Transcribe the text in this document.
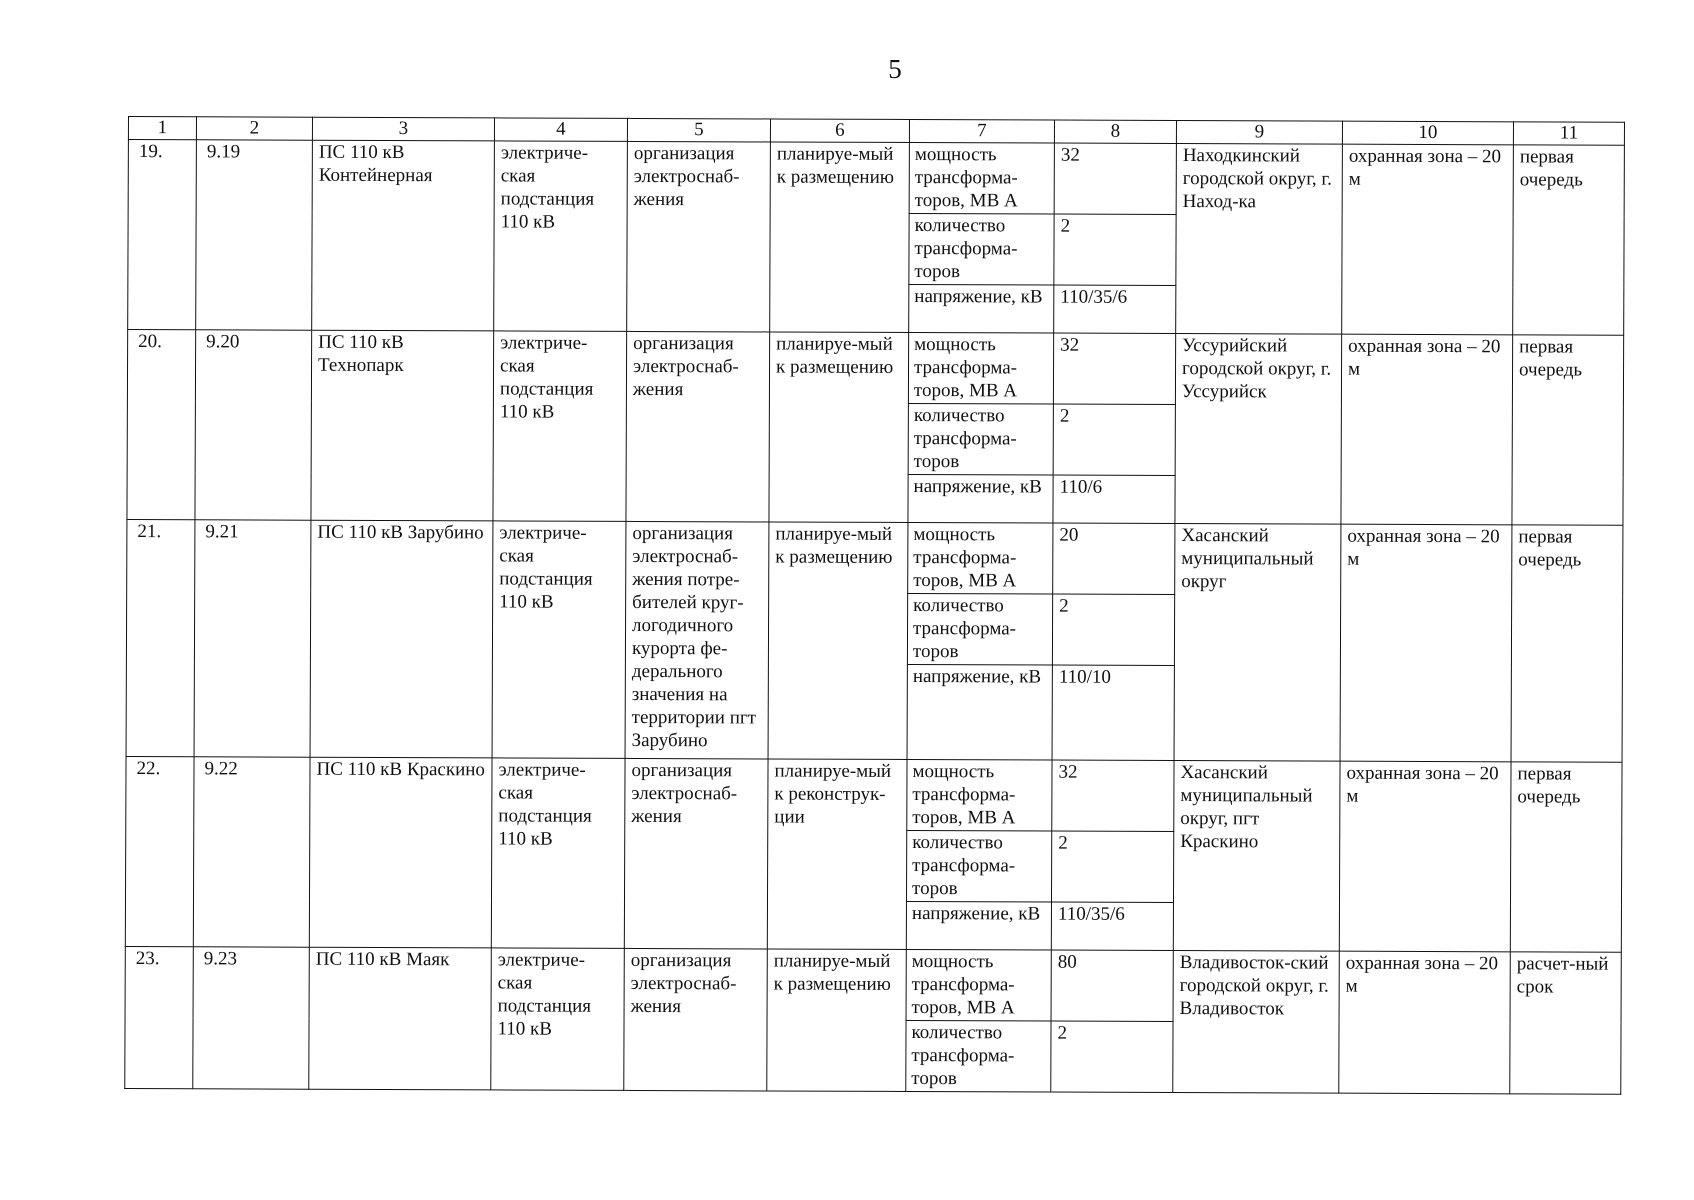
5
1	2	3	4	5	6	7	8	9	10	11
19.	9.19	ПС 110 кВ Контейнерная	электриче-ская подстанция 110 кВ	организация электроснаб-жения	планируе-мый к размещению	мощность трансформа-торов, МВ А	32	Находкинский городской округ, г. Наход-ка	охранная зона – 20 м	первая очередь
						количество трансформа-торов	2			
						напряжение, кВ	110/35/6			
20.	9.20	ПС 110 кВ Технопарк	электриче-ская подстанция 110 кВ	организация электроснаб-жения	планируе-мый к размещению	мощность трансформа-торов, МВ А	32	Уссурийский городской округ, г. Уссурийск	охранная зона – 20 м	первая очередь
						количество трансформа-торов	2			
						напряжение, кВ	110/6			
21.	9.21	ПС 110 кВ Зарубино	электриче-ская подстанция 110 кВ	организация электроснаб-жения потре-бителей круг-логодичного курорта фе-дерального значения на территории пгт Зарубино	планируе-мый к размещению	мощность трансформа-торов, МВ А	20	Хасанский муниципальный округ	охранная зона – 20 м	первая очередь
						количество трансформа-торов	2			
						напряжение, кВ	110/10			
22.	9.22	ПС 110 кВ Краскино	электриче-ская подстанция 110 кВ	организация электроснаб-жения	планируе-мый к реконструк-ции	мощность трансформа-торов, МВ А	32	Хасанский муниципальный округ, пгт Краскино	охранная зона – 20 м	первая очередь
						количество трансформа-торов	2			
						напряжение, кВ	110/35/6			
23.	9.23	ПС 110 кВ Маяк	электриче-ская подстанция 110 кВ	организация электроснаб-жения	планируе-мый к размещению	мощность трансформа-торов, МВ А	80	Владивосток-ский городской округ, г. Владивосток	охранная зона – 20 м	расчет-ный срок
						количество трансформа-торов	2			
